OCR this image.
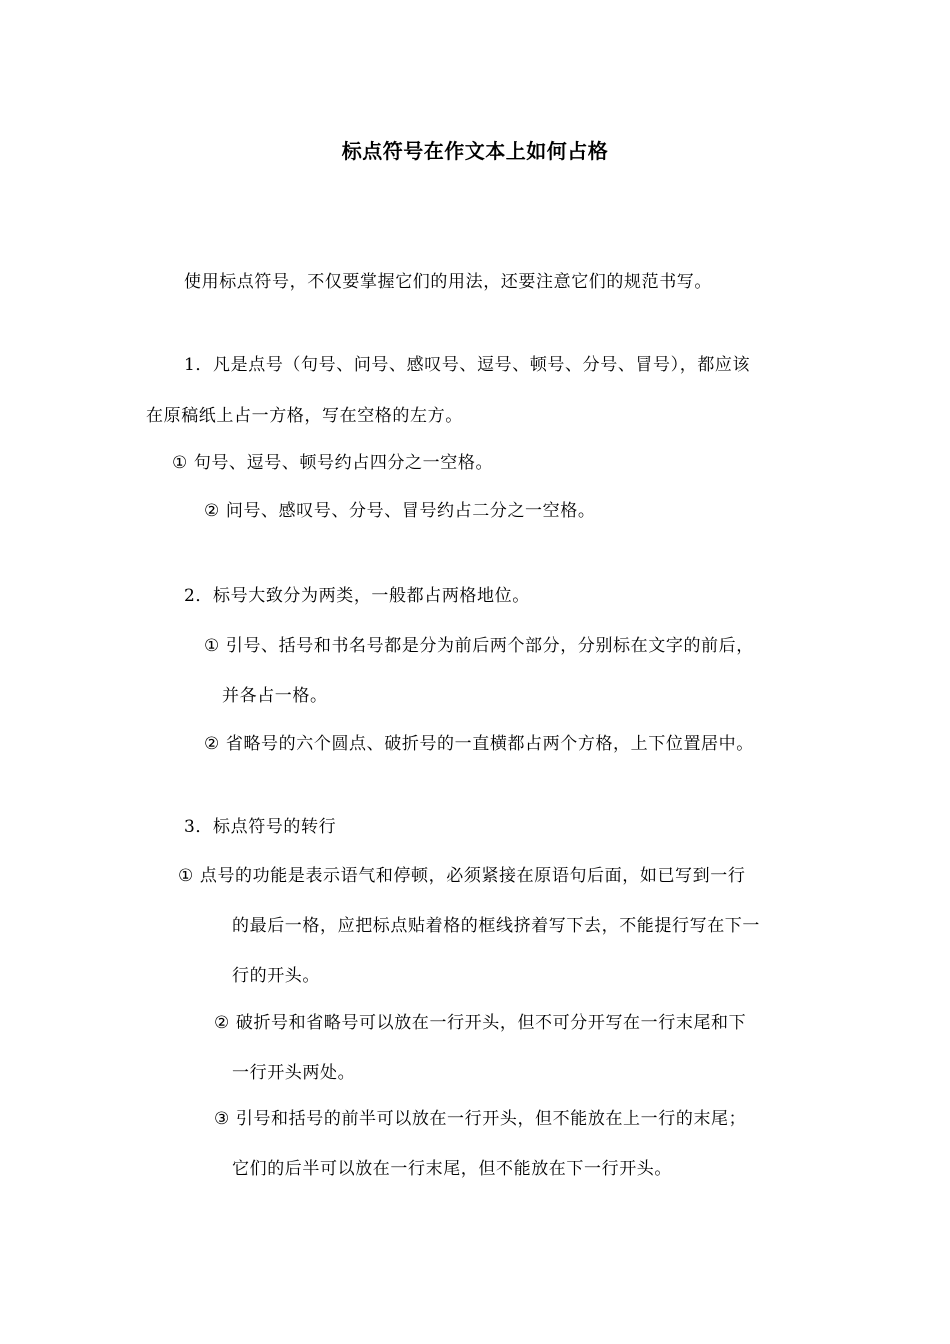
标点符号在作文本上如何占格
使用标点符号，不仅要掌握它们的用法，还要注意它们的规范书写。
1．凡是点号（句号、问号、感叹号、逗号、顿号、分号、冒号），都应该
在原稿纸上占一方格，写在空格的左方。
① 句号、逗号、顿号约占四分之一空格。
② 问号、感叹号、分号、冒号约占二分之一空格。
2．标号大致分为两类，一般都占两格地位。
① 引号、括号和书名号都是分为前后两个部分，分别标在文字的前后，
并各占一格。
② 省略号的六个圆点、破折号的一直横都占两个方格，上下位置居中。
3．标点符号的转行
① 点号的功能是表示语气和停顿，必须紧接在原语句后面，如已写到一行
的最后一格，应把标点贴着格的框线挤着写下去，不能提行写在下一
行的开头。
② 破折号和省略号可以放在一行开头，但不可分开写在一行末尾和下
一行开头两处。
③ 引号和括号的前半可以放在一行开头，但不能放在上一行的末尾；
它们的后半可以放在一行末尾，但不能放在下一行开头。
